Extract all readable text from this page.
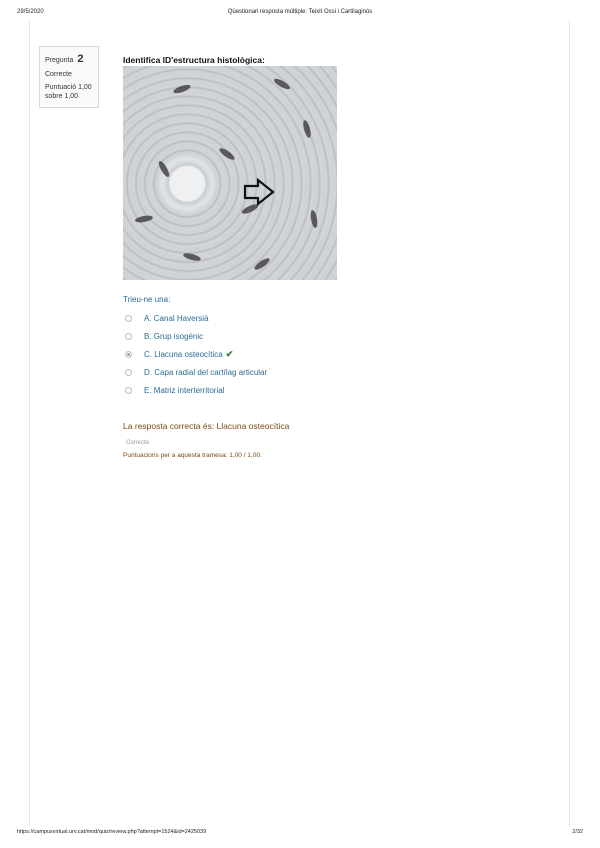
29/5/2020	Qüestionari resposta múltiple: Teixit Ossi i Cartilaginós
Pregunta 2
Correcte
Puntuació 1,00
sobre 1,00
Identifica lD'estructura histològica:
Trieu-ne una:
A. Canal Haversià
B. Grup isogènic
C. Llacuna osteocítica ✔
D. Capa radial del cartílag articular
E. Matriz interterritorial
La resposta correcta és: Llacuna osteocítica
Correcte
Puntuacions per a aquesta tramesa: 1,00 / 1,00.
https://campusvirtual.urv.cat/mod/quiz/review.php?attempt=1524&id=2425039	2/32
